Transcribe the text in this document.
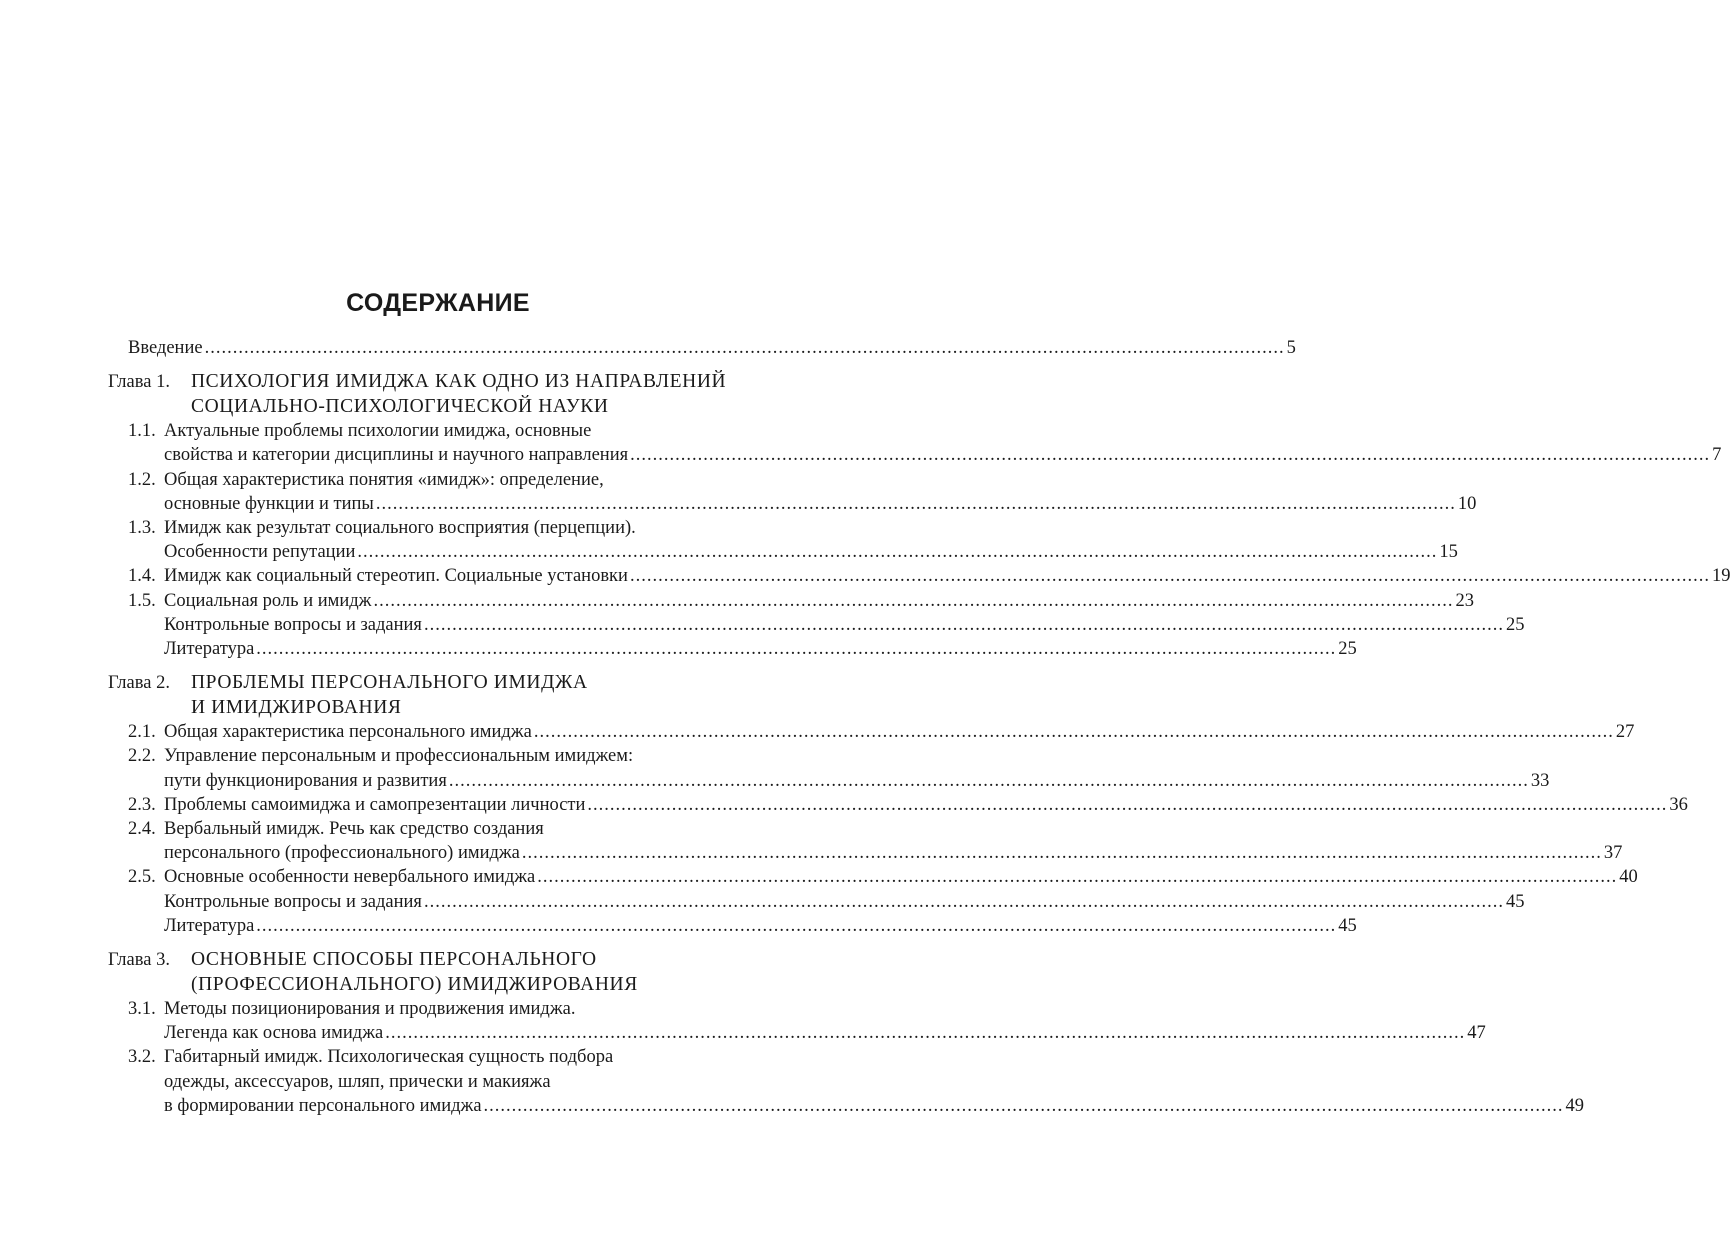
СОДЕРЖАНИЕ
Введение .....	5
Глава 1.	ПСИХОЛОГИЯ ИМИДЖА КАК ОДНО ИЗ НАПРАВЛЕНИЙ
СОЦИАЛЬНО-ПСИХОЛОГИЧЕСКОЙ НАУКИ
1.1. Актуальные проблемы психологии имиджа, основные
свойства и категории дисциплины и научного направления .....	7
1.2. Общая характеристика понятия «имидж»: определение,
основные функции и типы .....	10
1.3. Имидж как результат социального восприятия (перцепции).
Особенности репутации .....	15
1.4. Имидж как социальный стереотип. Социальные установки .....	19
1.5. Социальная роль и имидж .....	23
Контрольные вопросы и задания .....	25
Литература .....	25
Глава 2.	ПРОБЛЕМЫ ПЕРСОНАЛЬНОГО ИМИДЖА
И ИМИДЖИРОВАНИЯ
2.1. Общая характеристика персонального имиджа .....	27
2.2. Управление персональным и профессиональным имиджем:
пути функционирования и развития .....	33
2.3. Проблемы самоимиджа и самопрезентации личности .....	36
2.4. Вербальный имидж. Речь как средство создания
персонального (профессионального) имиджа .....	37
2.5. Основные особенности невербального имиджа .....	40
Контрольные вопросы и задания .....	45
Литература .....	45
Глава 3.	ОСНОВНЫЕ СПОСОБЫ ПЕРСОНАЛЬНОГО
(ПРОФЕССИОНАЛЬНОГО) ИМИДЖИРОВАНИЯ
3.1. Методы позиционирования и продвижения имиджа.
Легенда как основа имиджа .....	47
3.2. Габитарный имидж. Психологическая сущность подбора
одежды, аксессуаров, шляп, прически и макияжа
в формировании персонального имиджа .....	49
